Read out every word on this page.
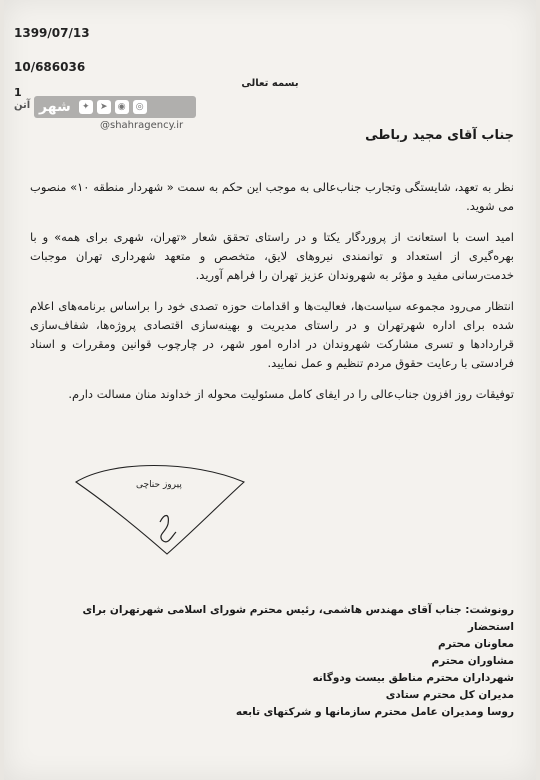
1399/07/13
10/686036
1
بسمه تعالی
شهر	✦	➤	◉	◎
آتن
@shahragency.ir
جناب آقای مجید رباطی

نظر به تعهد، شایستگی وتجارب جناب‌عالی به موجب این حکم به سمت « شهردار منطقه ۱۰» منصوب می شوید.

امید است با استعانت از پروردگار یکتا و در راستای تحقق شعار «تهران، شهری برای همه» و با بهره‌گیری از استعداد و توانمندی نیروهای لایق، متخصص و متعهد شهرداری تهران موجبات خدمت‌رسانی مفید و مؤثر به شهروندان عزیز تهران را فراهم آورید.

انتظار می‌رود مجموعه سیاست‌ها، فعالیت‌ها و اقدامات حوزه تصدی خود را براساس برنامه‌های اعلام شده برای اداره شهرتهران و در راستای مدیریت و بهینه‌سازی اقتصادی پروژه‌ها، شفاف‌سازی قراردادها و تسری مشارکت شهروندان در اداره امور شهر، در چارچوب قوانین ومقررات و اسناد فرادستی با رعایت حقوق مردم تنظیم و عمل نمایید.

توفیقات روز افزون جناب‌عالی را در ایفای کامل مسئولیت محوله از خداوند منان مسالت دارم.

پیروز حناچی
رونوشت: جناب آقای مهندس هاشمی، رئیس محترم شورای اسلامی شهرتهران برای استحضار
معاونان محترم
مشاوران محترم
شهرداران محترم مناطق بیست ودوگانه
مدیران کل محترم ستادی
روسا ومدیران عامل محترم سازمانها و شرکتهای تابعه
